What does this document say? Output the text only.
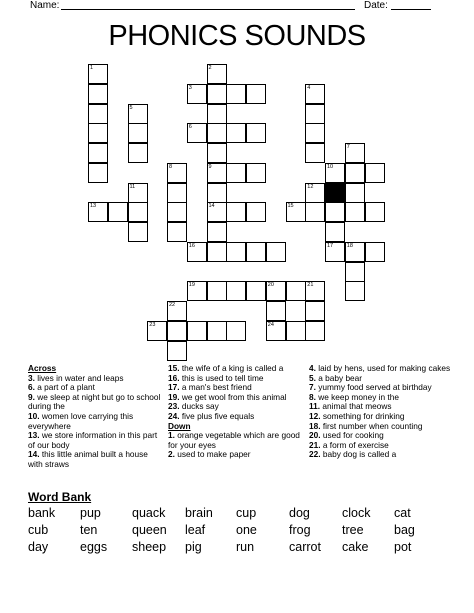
Name:	Date:
PHONICS SOUNDS
1
13
5
11
8
2
9
14
3
6
4
10
7
12
15
16	17 18
19	20
24
21
22
23
Across
3. lives in water and leaps
6. a part of a plant
9. we sleep at night but go to school during the
10. women love carrying this everywhere
13. we store information in this part of our body
14. this little animal built a house with straws
15. the wife of a king is called a
16. this is used to tell time
17. a man's best friend
19. we get wool from this animal
23. ducks say
24. five plus five equals
Down
1. orange vegetable which are good for your eyes
2. used to make paper
4. laid by hens, used for making cakes
5. a baby bear
7. yummy food served at birthday
8. we keep money in the
11. animal that meows
12. something for drinking
18. first number when counting
20. used for cooking
21. a form of exercise
22. baby dog is called a
Word Bank
bank pup quack brain cup	dog	clock cat
cub	ten	queen leaf one	frog	tree bag
day	eggs sheep pig	run	carrot cake pot
